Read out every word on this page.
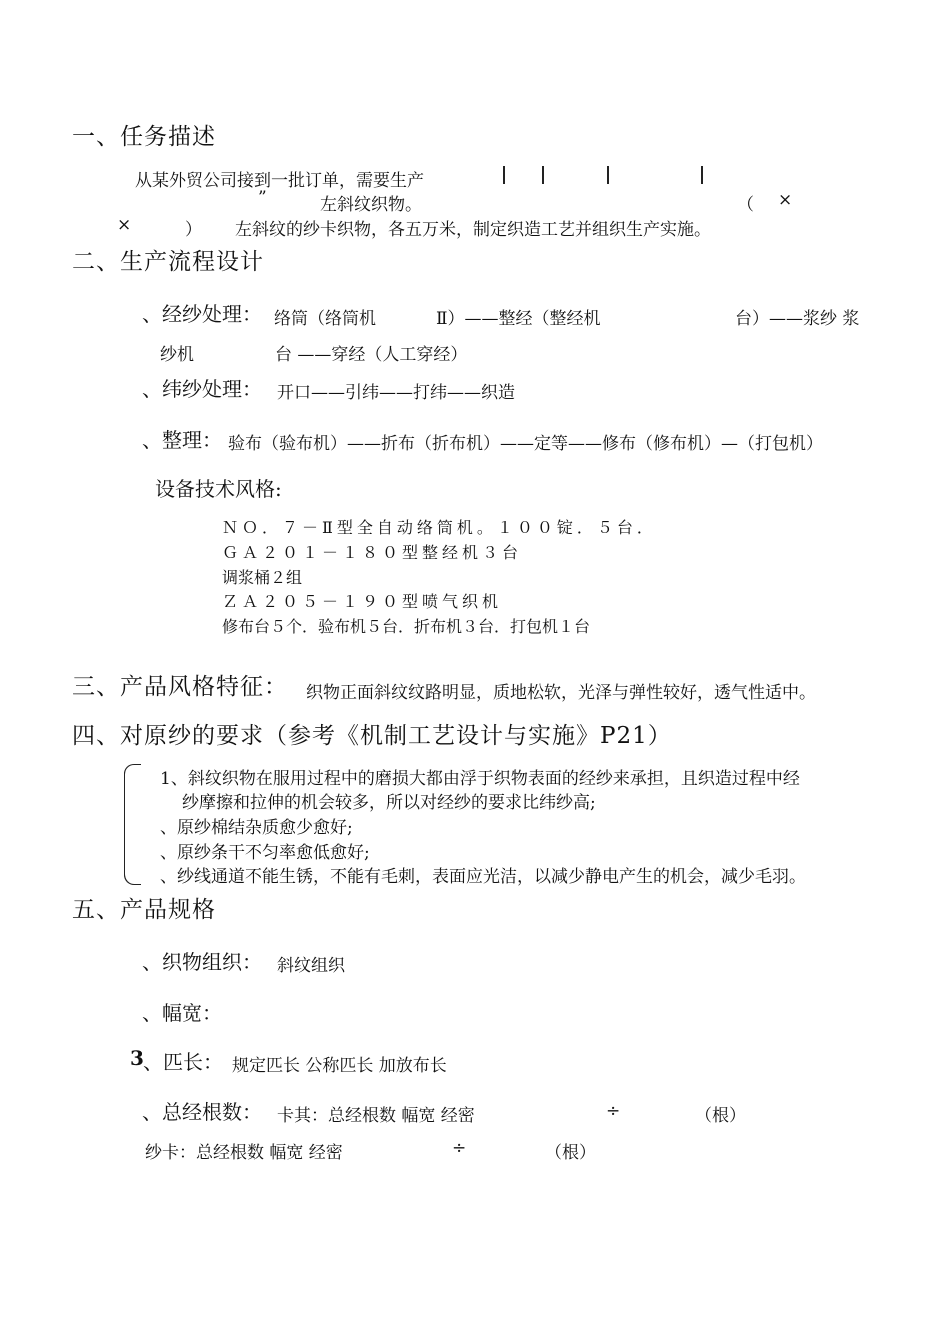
一、任务描述
从某外贸公司接到一批订单，需要生产
”	左斜纹织物。	（ ×
×	） 左斜纹的纱卡织物，各五万米，制定织造工艺并组织生产实施。
二、生产流程设计
、经纱处理： 络筒（络筒机	Ⅱ）——整经（整经机	台）——浆纱 浆
纱机	台 ——穿经（人工穿经）
、纬纱处理： 开口——引纬——打纬——织造
、整理： 验布（验布机）——折布（折布机）——定等——修布（修布机）—（打包机）
设备技术风格:
ＮＯ．７－Ⅱ型全自动络筒机。１００锭．５台．
ＧＡ２０１－１８０型整经机３台
调浆桶２组
ＺＡ２０５－１９０型喷气织机
修布台５个．验布机５台．折布机３台．打包机１台
三、产品风格特征： 织物正面斜纹纹路明显，质地松软，光泽与弹性较好，透气性适中。
四、对原纱的要求（参考《机制工艺设计与实施》P21）
1、斜纹织物在服用过程中的磨损大都由浮于织物表面的经纱来承担，且织造过程中经
纱摩擦和拉伸的机会较多，所以对经纱的要求比纬纱高;
、原纱棉结杂质愈少愈好;
、原纱条干不匀率愈低愈好;
、纱线通道不能生锈，不能有毛刺，表面应光洁，以减少静电产生的机会，减少毛羽。
五、产品规格
、织物组织： 斜纹组织
、幅宽：
3 、匹长： 规定匹长 公称匹长 加放布长
、总经根数： 卡其：总经根数 幅宽 经密	÷	（根）
纱卡：总经根数 幅宽 经密	÷	（根）
